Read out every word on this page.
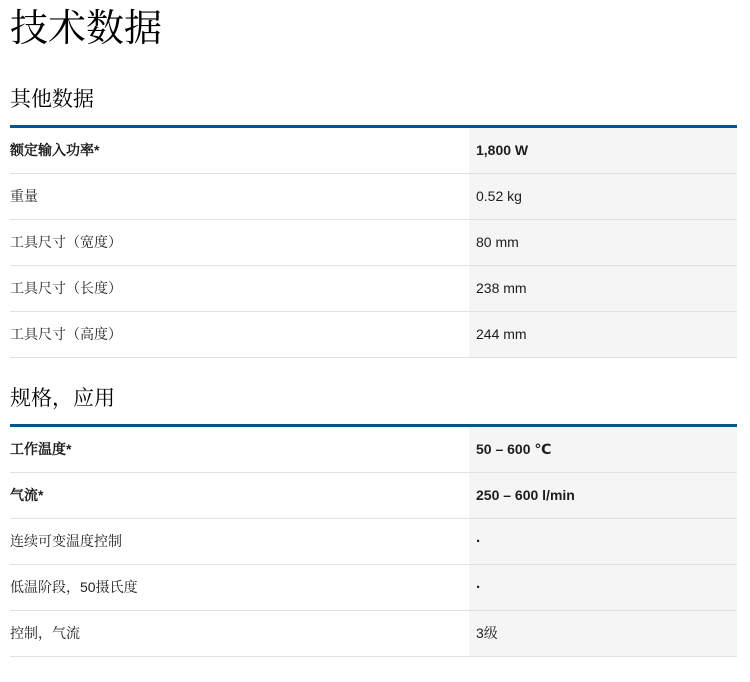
技术数据
其他数据
额定输入功率*	1,800 W
重量	0.52 kg
工具尺寸（宽度）	80 mm
工具尺寸（长度）	238 mm
工具尺寸（高度）	244 mm
规格，应用
工作温度*	50 – 600 ℃
气流*	250 – 600 l/min
连续可变温度控制	·
低温阶段，50摄氏度	·
控制，气流	3级
